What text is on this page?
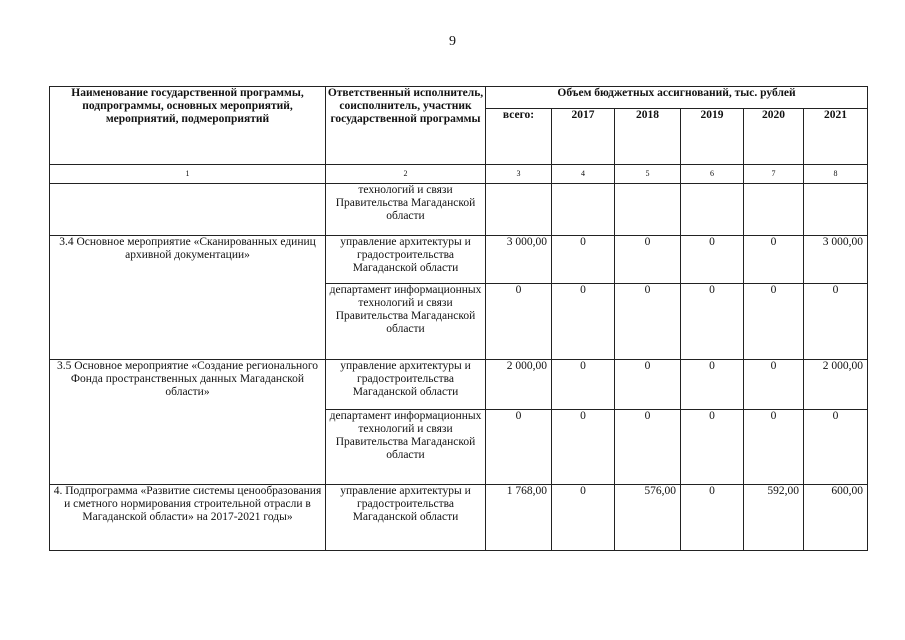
9
Наименование государственной программы, подпрограммы, основных мероприятий, мероприятий, подмероприятий	Ответственный исполнитель, соисполнитель, участник государственной программы	Объем бюджетных ассигнований, тыс. рублей					
		всего:	2017	2018	2019	2020	2021
1	2	3	4	5	6	7	8
	технологий и связи Правительства Магаданской области						
3.4 Основное мероприятие «Сканированных единиц архивной документации»	управление архитектуры и градостроительства Магаданской области	3 000,00	0	0	0	0	3 000,00
	департамент информационных технологий и связи Правительства Магаданской области	0	0	0	0	0	0
3.5 Основное мероприятие «Создание регионального Фонда пространственных данных Магаданской области»	управление архитектуры и градостроительства Магаданской области	2 000,00	0	0	0	0	2 000,00
	департамент информационных технологий и связи Правительства Магаданской области	0	0	0	0	0	0
4. Подпрограмма «Развитие системы ценообразования и сметного нормирования строительной отрасли в Магаданской области» на 2017-2021 годы»	управление архитектуры и градостроительства Магаданской области	1 768,00	0	576,00	0	592,00	600,00
